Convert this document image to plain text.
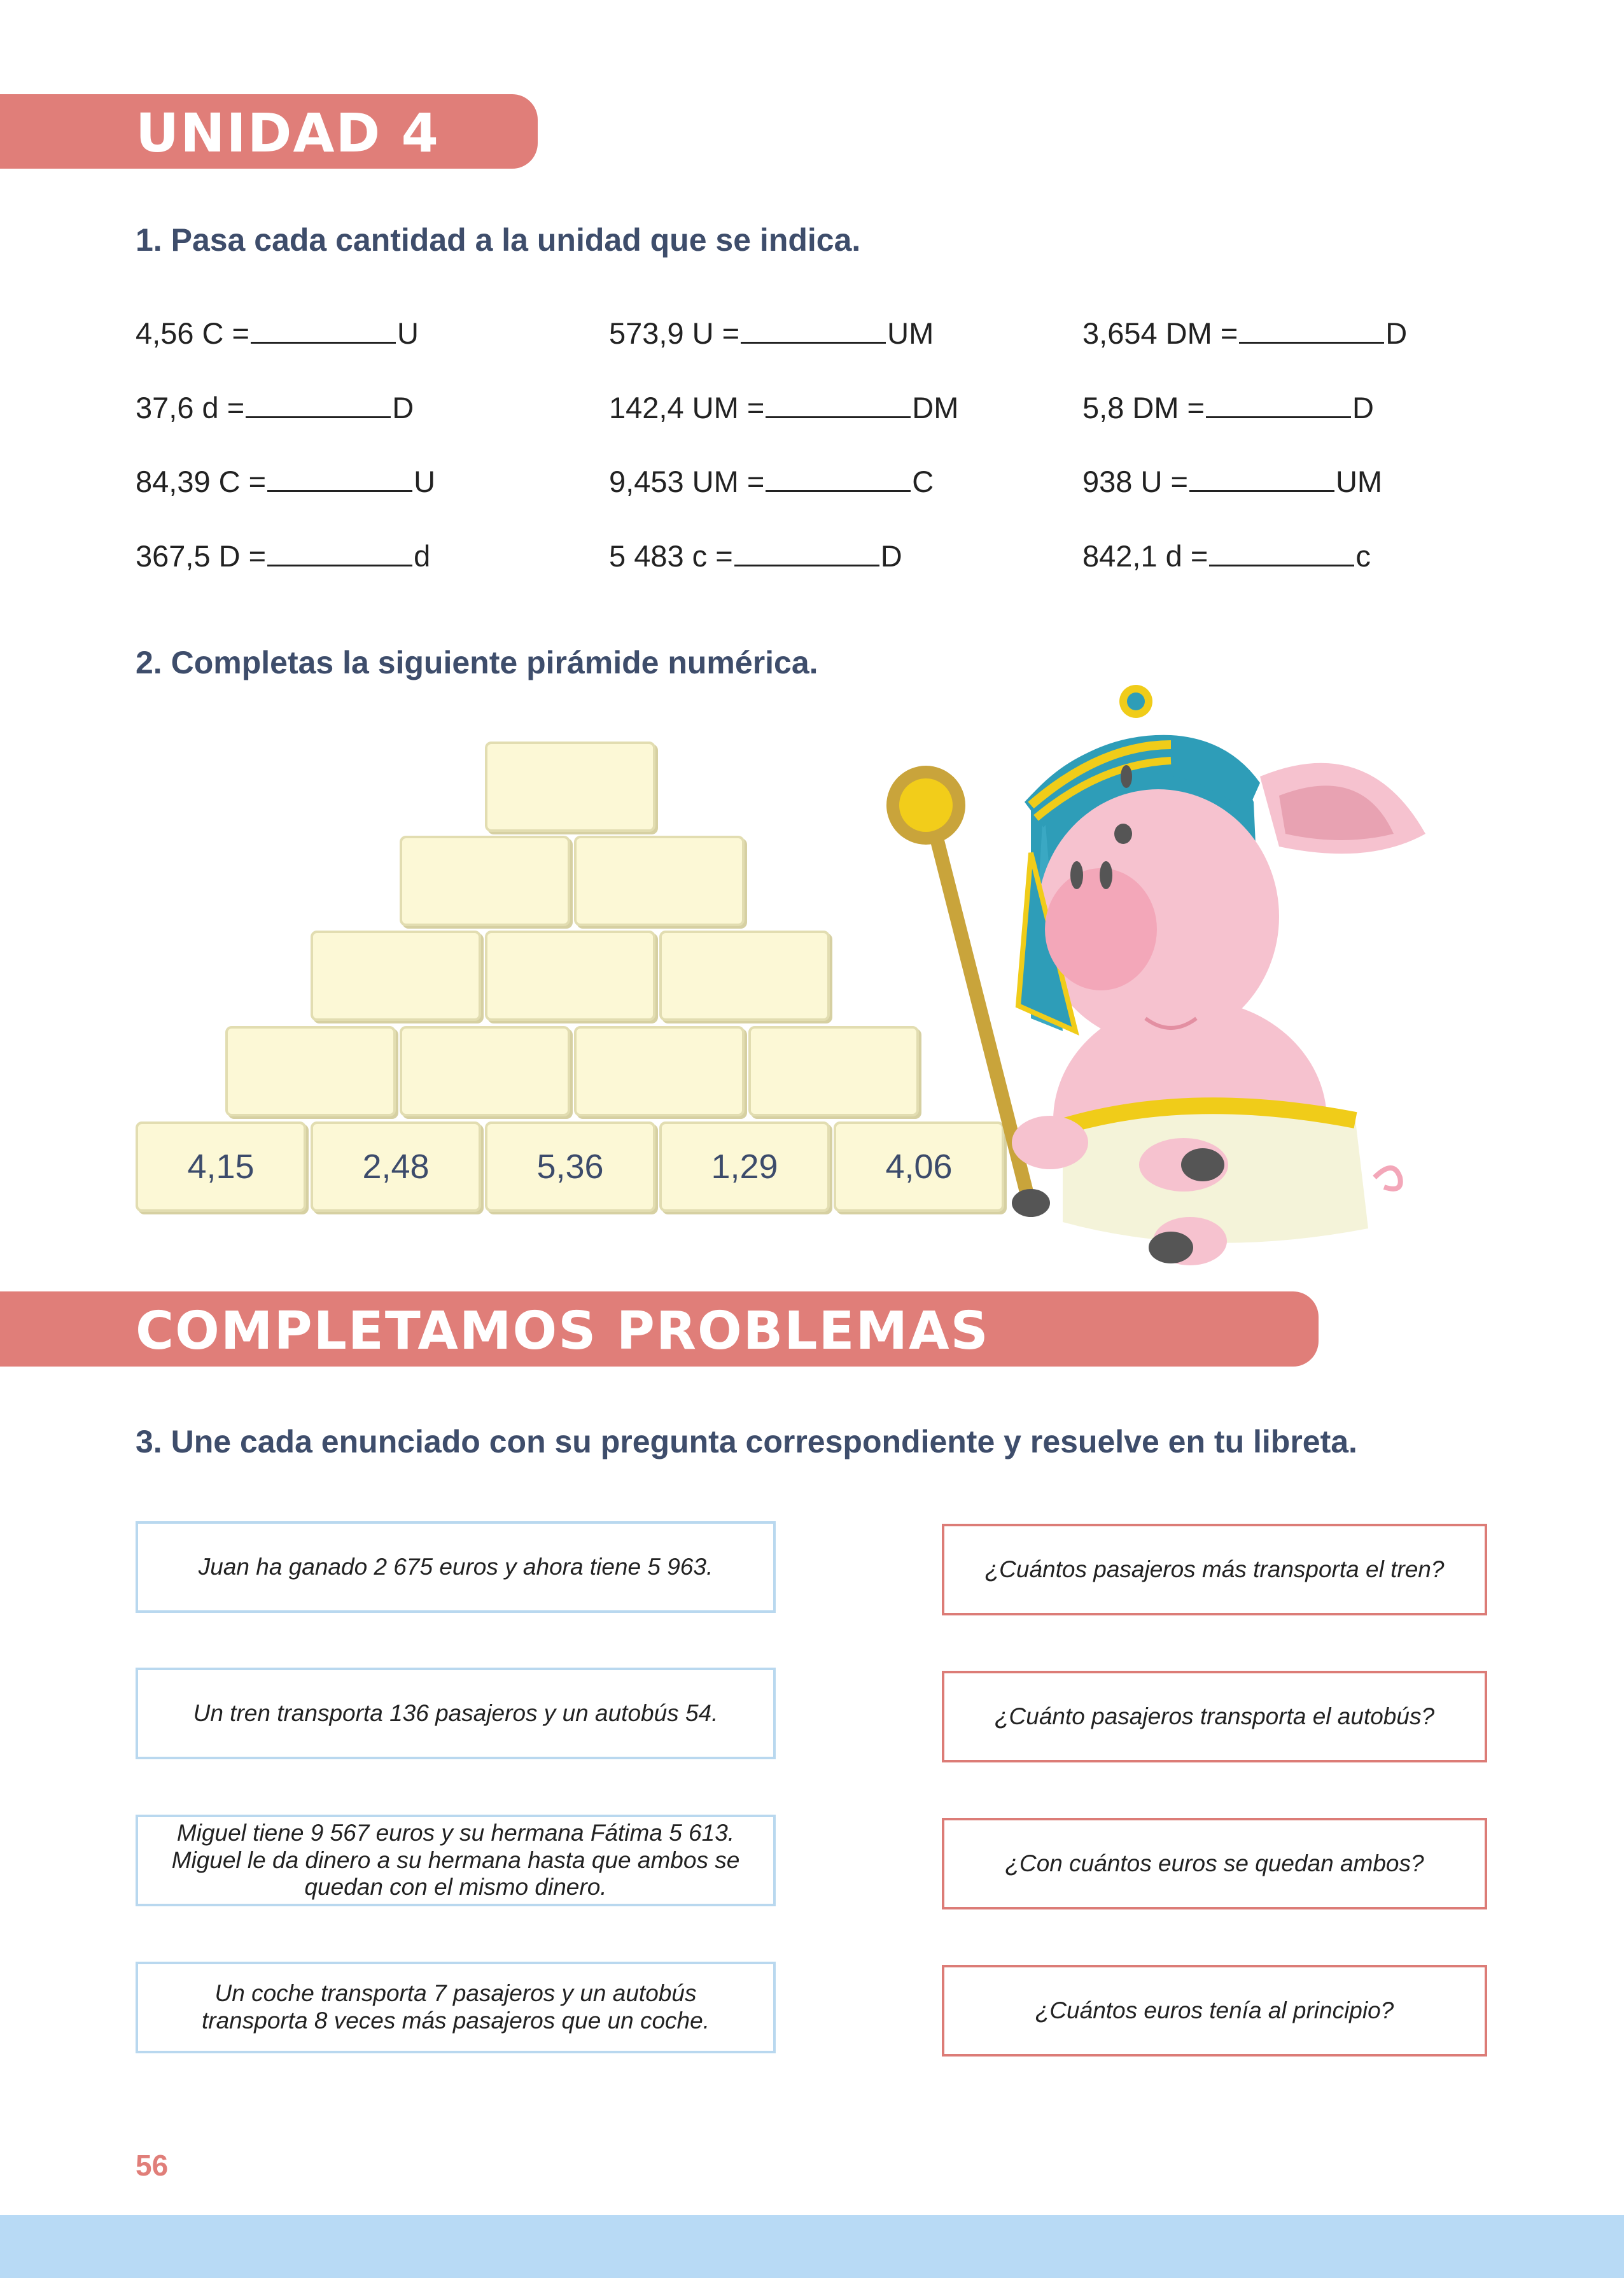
UNIDAD 4
1. Pasa cada cantidad a la unidad que se indica.
4,56 C =	U	573,9 U =	UM	3,654 DM =	D
37,6 d =	D	142,4 UM =	DM	5,8 DM =	D
84,39 C =	U	9,453 UM =	C	938 U =	UM
367,5 D =	d	5 483 c =	D	842,1 d =	c
2. Completas la siguiente pirámide numérica.
4,15	2,48	5,36	1,29	4,06
COMPLETAMOS PROBLEMAS
3. Une cada enunciado con su pregunta correspondiente y resuelve en tu libreta.
Juan ha ganado 2 675 euros y ahora tiene 5 963.
Un tren transporta 136 pasajeros y un autobús 54.
Miguel tiene 9 567 euros y su hermana Fátima 5 613. Miguel le da dinero a su hermana hasta que ambos se quedan con el mismo dinero.
Un coche transporta 7 pasajeros y un autobús transporta 8 veces más pasajeros que un coche.
¿Cuántos pasajeros más transporta el tren?
¿Cuánto pasajeros transporta el autobús?
¿Con cuántos euros se quedan ambos?
¿Cuántos euros tenía al principio?
56
